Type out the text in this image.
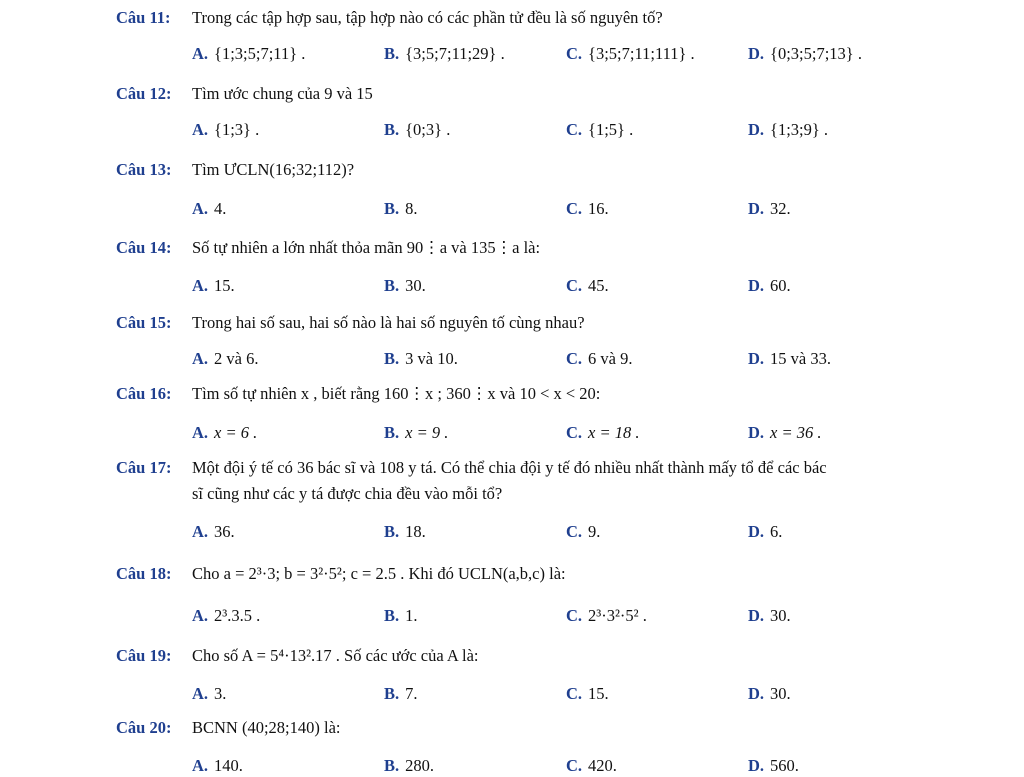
Câu 11: Trong các tập hợp sau, tập hợp nào có các phần tử đều là số nguyên tố?
A. {1;3;5;7;11} .	B. {3;5;7;11;29} .	C. {3;5;7;11;111} .	D. {0;3;5;7;13} .
Câu 12: Tìm ước chung của 9 và 15
A. {1;3} .	B. {0;3} .	C. {1;5} .	D. {1;3;9} .
Câu 13: Tìm ƯCLN(16;32;112)?
A. 4.	B. 8.	C. 16.	D. 32.
Câu 14: Số tự nhiên a lớn nhất thỏa mãn 90⋮a và 135⋮a là:
A. 15.	B. 30.	C. 45.	D. 60.
Câu 15: Trong hai số sau, hai số nào là hai số nguyên tố cùng nhau?
A. 2 và 6.	B. 3 và 10.	C. 6 và 9.	D. 15 và 33.
Câu 16: Tìm số tự nhiên x , biết rằng 160⋮x ; 360⋮x và 10 < x < 20:
A. x = 6 .	B. x = 9 .	C. x = 18 .	D. x = 36 .
Câu 17: Một đội ý tế có 36 bác sĩ và 108 y tá. Có thể chia đội y tế đó nhiều nhất thành mấy tổ để các bác
sĩ cũng như các y tá được chia đều vào mỗi tổ?
A. 36.	B. 18.	C. 9.	D. 6.
Câu 18: Cho a = 2³·3; b = 3²·5²; c = 2.5 . Khi đó UCLN(a,b,c) là:
A. 2³.3.5 .	B. 1.	C. 2³·3²·5² .	D. 30.
Câu 19: Cho số A = 5⁴·13².17 . Số các ước của A là:
A. 3.	B. 7.	C. 15.	D. 30.
Câu 20: BCNN (40;28;140) là:
A. 140.	B. 280.	C. 420.	D. 560.
